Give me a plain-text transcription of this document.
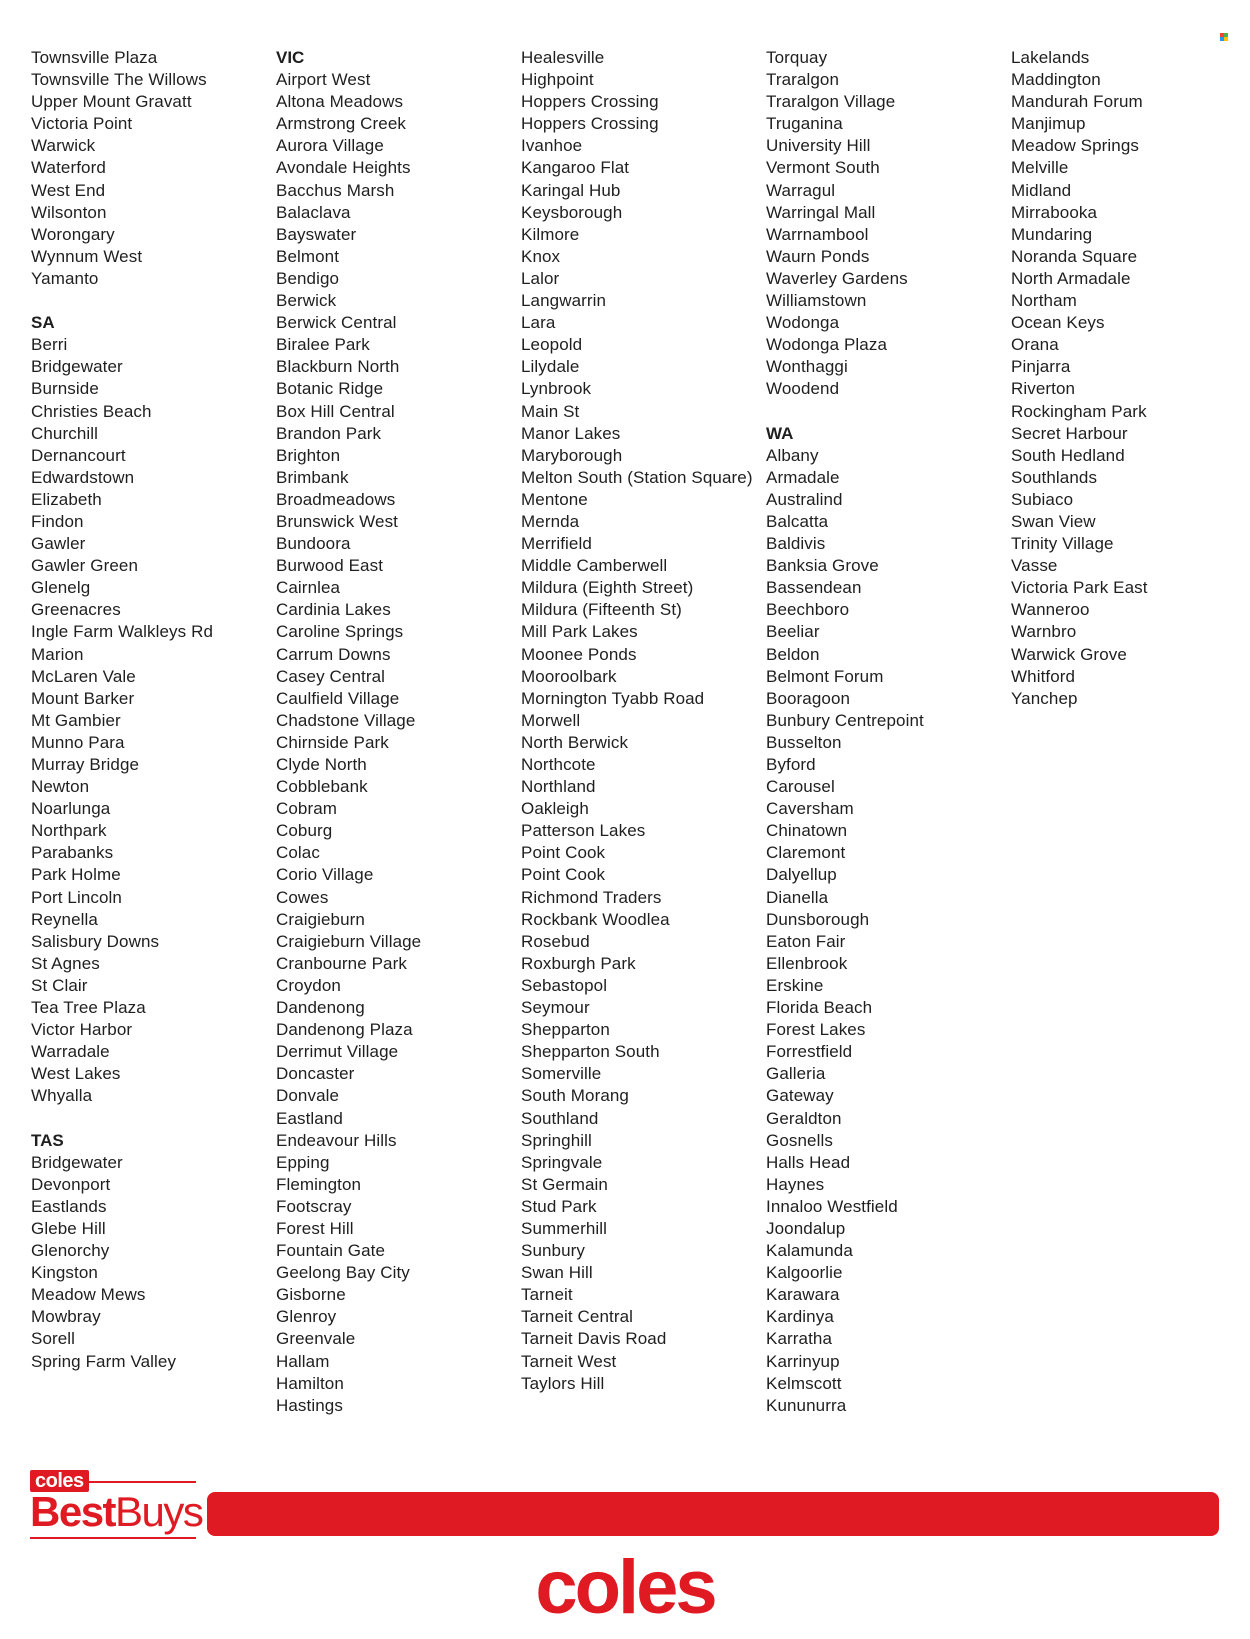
Townsville Plaza
Townsville The Willows
Upper Mount Gravatt
Victoria Point
Warwick
Waterford
West End
Wilsonton
Worongary
Wynnum West
Yamanto
SA
Berri
Bridgewater
Burnside
Christies Beach
Churchill
Dernancourt
Edwardstown
Elizabeth
Findon
Gawler
Gawler Green
Glenelg
Greenacres
Ingle Farm Walkleys Rd
Marion
McLaren Vale
Mount Barker
Mt Gambier
Munno Para
Murray Bridge
Newton
Noarlunga
Northpark
Parabanks
Park Holme
Port Lincoln
Reynella
Salisbury Downs
St Agnes
St Clair
Tea Tree Plaza
Victor Harbor
Warradale
West Lakes
Whyalla
TAS
Bridgewater
Devonport
Eastlands
Glebe Hill
Glenorchy
Kingston
Meadow Mews
Mowbray
Sorell
Spring Farm Valley
VIC
Airport West
Altona Meadows
Armstrong Creek
Aurora Village
Avondale Heights
Bacchus Marsh
Balaclava
Bayswater
Belmont
Bendigo
Berwick
Berwick Central
Biralee Park
Blackburn North
Botanic Ridge
Box Hill Central
Brandon Park
Brighton
Brimbank
Broadmeadows
Brunswick West
Bundoora
Burwood East
Cairnlea
Cardinia Lakes
Caroline Springs
Carrum Downs
Casey Central
Caulfield Village
Chadstone Village
Chirnside Park
Clyde North
Cobblebank
Cobram
Coburg
Colac
Corio Village
Cowes
Craigieburn
Craigieburn Village
Cranbourne Park
Croydon
Dandenong
Dandenong Plaza
Derrimut Village
Doncaster
Donvale
Eastland
Endeavour Hills
Epping
Flemington
Footscray
Forest Hill
Fountain Gate
Geelong Bay City
Gisborne
Glenroy
Greenvale
Hallam
Hamilton
Hastings
Healesville
Highpoint
Hoppers Crossing
Hoppers Crossing
Ivanhoe
Kangaroo Flat
Karingal Hub
Keysborough
Kilmore
Knox
Lalor
Langwarrin
Lara
Leopold
Lilydale
Lynbrook
Main St
Manor Lakes
Maryborough
Melton South (Station Square)
Mentone
Mernda
Merrifield
Middle Camberwell
Mildura (Eighth Street)
Mildura (Fifteenth St)
Mill Park Lakes
Moonee Ponds
Mooroolbark
Mornington Tyabb Road
Morwell
North Berwick
Northcote
Northland
Oakleigh
Patterson Lakes
Point Cook
Point Cook
Richmond Traders
Rockbank Woodlea
Rosebud
Roxburgh Park
Sebastopol
Seymour
Shepparton
Shepparton South
Somerville
South Morang
Southland
Springhill
Springvale
St Germain
Stud Park
Summerhill
Sunbury
Swan Hill
Tarneit
Tarneit Central
Tarneit Davis Road
Tarneit West
Taylors Hill
Torquay
Traralgon
Traralgon Village
Truganina
University Hill
Vermont South
Warragul
Warringal Mall
Warrnambool
Waurn Ponds
Waverley Gardens
Williamstown
Wodonga
Wodonga Plaza
Wonthaggi
Woodend
WA
Albany
Armadale
Australind
Balcatta
Baldivis
Banksia Grove
Bassendean
Beechboro
Beeliar
Beldon
Belmont Forum
Booragoon
Bunbury Centrepoint
Busselton
Byford
Carousel
Caversham
Chinatown
Claremont
Dalyellup
Dianella
Dunsborough
Eaton Fair
Ellenbrook
Erskine
Florida Beach
Forest Lakes
Forrestfield
Galleria
Gateway
Geraldton
Gosnells
Halls Head
Haynes
Innaloo Westfield
Joondalup
Kalamunda
Kalgoorlie
Karawara
Kardinya
Karratha
Karrinyup
Kelmscott
Kununurra
Lakelands
Maddington
Mandurah Forum
Manjimup
Meadow Springs
Melville
Midland
Mirrabooka
Mundaring
Noranda Square
North Armadale
Northam
Ocean Keys
Orana
Pinjarra
Riverton
Rockingham Park
Secret Harbour
South Hedland
Southlands
Subiaco
Swan View
Trinity Village
Vasse
Victoria Park East
Wanneroo
Warnbro
Warwick Grove
Whitford
Yanchep
coles
BestBuys
coles
